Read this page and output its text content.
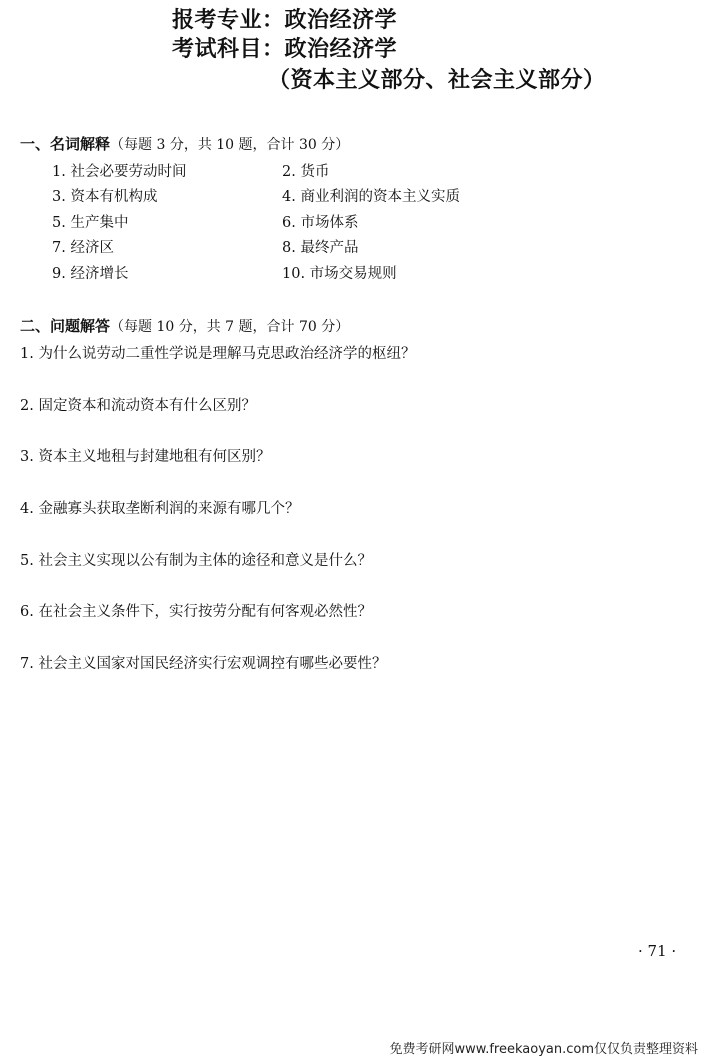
报考专业：政治经济学
考试科目：政治经济学
（资本主义部分、社会主义部分）
一、名词解释（每题 3 分，共 10 题，合计 30 分）
1. 社会必要劳动时间	2. 货币
3. 资本有机构成	4. 商业利润的资本主义实质
5. 生产集中	6. 市场体系
7. 经济区	8. 最终产品
9. 经济增长	10. 市场交易规则
二、问题解答（每题 10 分，共 7 题，合计 70 分）
1. 为什么说劳动二重性学说是理解马克思政治经济学的枢纽？
2. 固定资本和流动资本有什么区别？
3. 资本主义地租与封建地租有何区别？
4. 金融寡头获取垄断利润的来源有哪几个？
5. 社会主义实现以公有制为主体的途径和意义是什么？
6. 在社会主义条件下，实行按劳分配有何客观必然性？
7. 社会主义国家对国民经济实行宏观调控有哪些必要性？
· 71 ·
免费考研网www.freekaoyan.com仅仅负责整理资料
